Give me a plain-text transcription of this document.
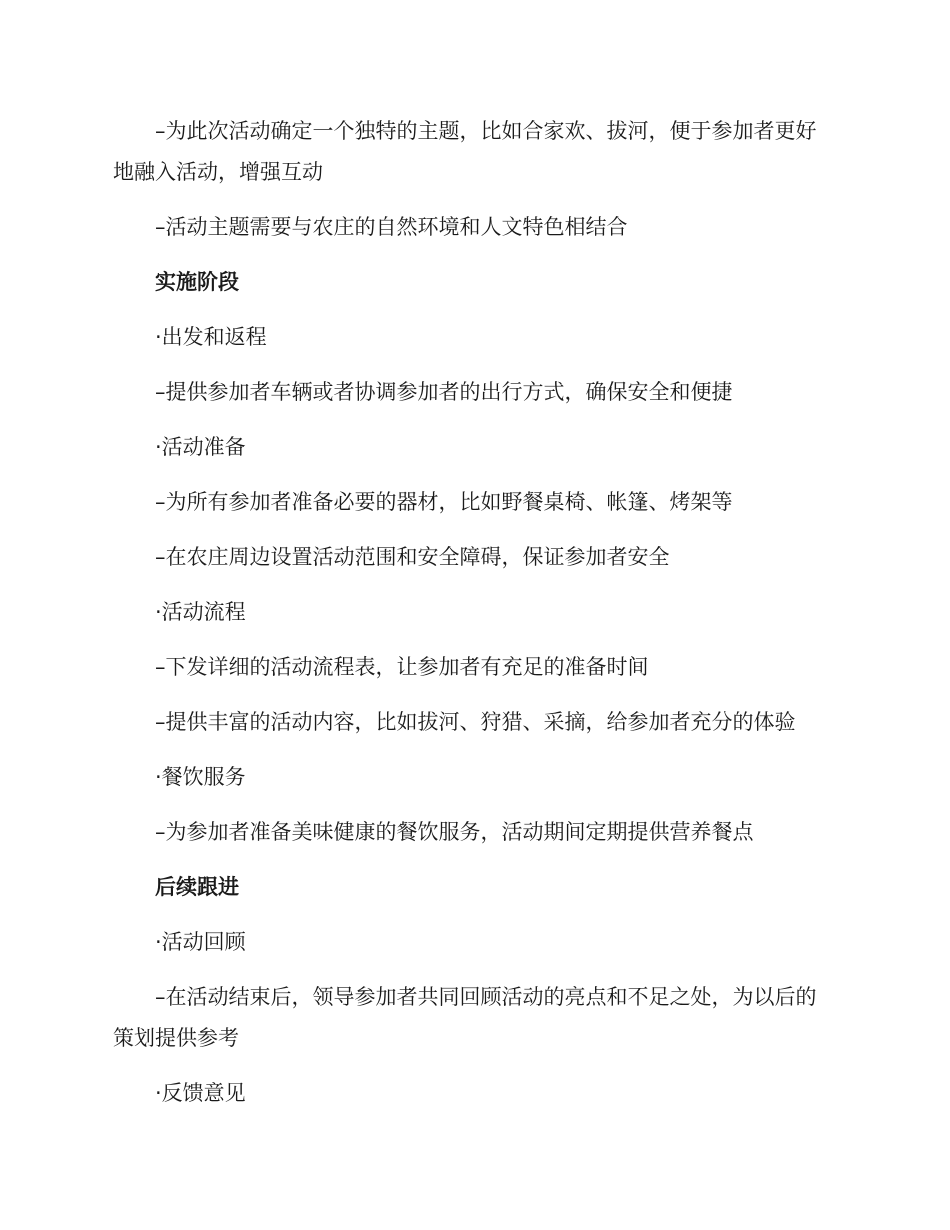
–为此次活动确定一个独特的主题，比如合家欢、拔河，便于参加者更好地融入活动，增强互动

–活动主题需要与农庄的自然环境和人文特色相结合

实施阶段

·出发和返程

–提供参加者车辆或者协调参加者的出行方式，确保安全和便捷

·活动准备

–为所有参加者准备必要的器材，比如野餐桌椅、帐篷、烤架等

–在农庄周边设置活动范围和安全障碍，保证参加者安全

·活动流程

–下发详细的活动流程表，让参加者有充足的准备时间

–提供丰富的活动内容，比如拔河、狩猎、采摘，给参加者充分的体验

·餐饮服务

–为参加者准备美味健康的餐饮服务，活动期间定期提供营养餐点

后续跟进

·活动回顾

–在活动结束后，领导参加者共同回顾活动的亮点和不足之处，为以后的策划提供参考

·反馈意见
